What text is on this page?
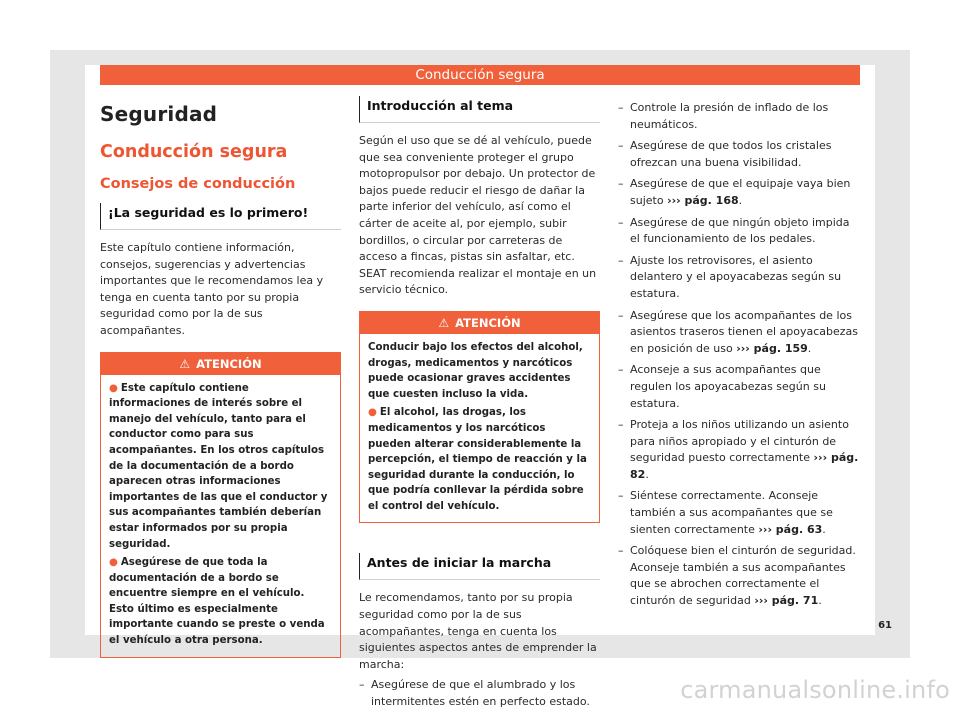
Conducción segura
Seguridad
Conducción segura
Consejos de conducción
¡La seguridad es lo primero!

Este capítulo contiene información, consejos, sugerencias y advertencias importantes que le recomendamos lea y tenga en cuenta tanto por su propia seguridad como por la de sus acompañantes.

⚠ ATENCIÓN
● Este capítulo contiene informaciones de interés sobre el manejo del vehículo, tanto para el conductor como para sus acompañantes. En los otros capítulos de la documentación de a bordo aparecen otras informaciones importantes de las que el conductor y sus acompañantes también deberían estar informados por su propia seguridad.
● Asegúrese de que toda la documentación de a bordo se encuentre siempre en el vehículo. Esto último es especialmente importante cuando se preste o venda el vehículo a otra persona.
Introducción al tema

Según el uso que se dé al vehículo, puede que sea conveniente proteger el grupo motopropulsor por debajo. Un protector de bajos puede reducir el riesgo de dañar la parte inferior del vehículo, así como el cárter de aceite al, por ejemplo, subir bordillos, o circular por carreteras de acceso a fincas, pistas sin asfaltar, etc. SEAT recomienda realizar el montaje en un servicio técnico.

⚠ ATENCIÓN
Conducir bajo los efectos del alcohol, drogas, medicamentos y narcóticos puede ocasionar graves accidentes que cuesten incluso la vida.
● El alcohol, las drogas, los medicamentos y los narcóticos pueden alterar considerablemente la percepción, el tiempo de reacción y la seguridad durante la conducción, lo que podría conllevar la pérdida sobre el control del vehículo.
Antes de iniciar la marcha

Le recomendamos, tanto por su propia seguridad como por la de sus acompañantes, tenga en cuenta los siguientes aspectos antes de emprender la marcha:

– Asegúrese de que el alumbrado y los intermitentes estén en perfecto estado.
– Controle la presión de inflado de los neumáticos.
– Asegúrese de que todos los cristales ofrezcan una buena visibilidad.
– Asegúrese de que el equipaje vaya bien sujeto ››› pág. 168.
– Asegúrese de que ningún objeto impida el funcionamiento de los pedales.
– Ajuste los retrovisores, el asiento delantero y el apoyacabezas según su estatura.
– Asegúrese que los acompañantes de los asientos traseros tienen el apoyacabezas en posición de uso ››› pág. 159.
– Aconseje a sus acompañantes que regulen los apoyacabezas según su estatura.
– Proteja a los niños utilizando un asiento para niños apropiado y el cinturón de seguridad puesto correctamente ››› pág. 82.
– Siéntese correctamente. Aconseje también a sus acompañantes que se sienten correctamente ››› pág. 63.
– Colóquese bien el cinturón de seguridad. Aconseje también a sus acompañantes que se abrochen correctamente el cinturón de seguridad ››› pág. 71.
61
carmanualsonline.info
